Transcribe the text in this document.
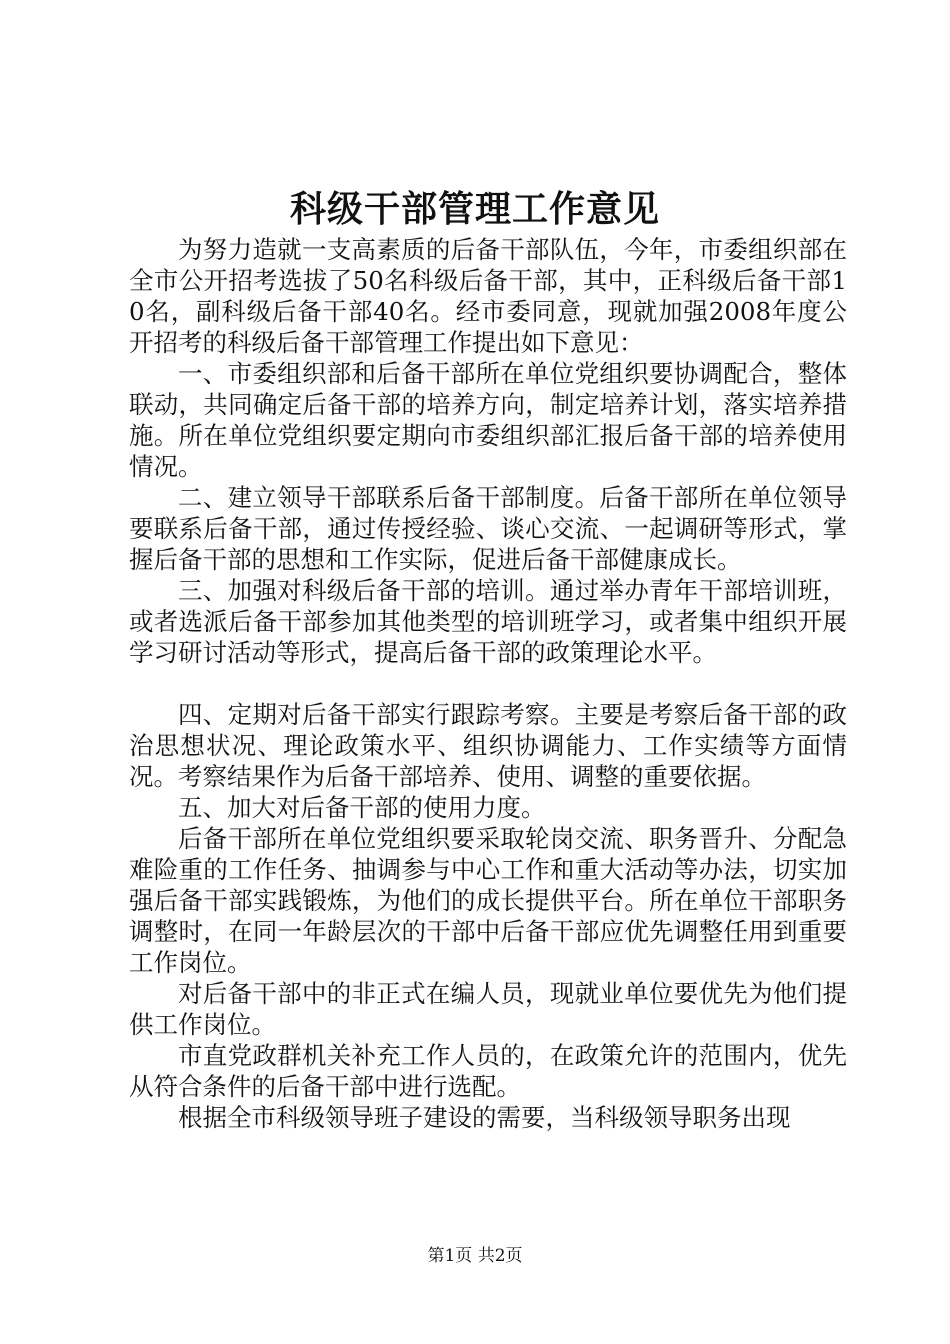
科级干部管理工作意见

为努力造就一支高素质的后备干部队伍，今年，市委组织部在全市公开招考选拔了50名科级后备干部，其中，正科级后备干部10名，副科级后备干部40名。经市委同意，现就加强2008年度公开招考的科级后备干部管理工作提出如下意见：

一、市委组织部和后备干部所在单位党组织要协调配合，整体联动，共同确定后备干部的培养方向，制定培养计划，落实培养措施。所在单位党组织要定期向市委组织部汇报后备干部的培养使用情况。

二、建立领导干部联系后备干部制度。后备干部所在单位领导要联系后备干部，通过传授经验、谈心交流、一起调研等形式，掌握后备干部的思想和工作实际，促进后备干部健康成长。

三、加强对科级后备干部的培训。通过举办青年干部培训班，或者选派后备干部参加其他类型的培训班学习，或者集中组织开展学习研讨活动等形式，提高后备干部的政策理论水平。

四、定期对后备干部实行跟踪考察。主要是考察后备干部的政治思想状况、理论政策水平、组织协调能力、工作实绩等方面情况。考察结果作为后备干部培养、使用、调整的重要依据。

五、加大对后备干部的使用力度。

后备干部所在单位党组织要采取轮岗交流、职务晋升、分配急难险重的工作任务、抽调参与中心工作和重大活动等办法，切实加强后备干部实践锻炼，为他们的成长提供平台。所在单位干部职务调整时，在同一年龄层次的干部中后备干部应优先调整任用到重要工作岗位。

对后备干部中的非正式在编人员，现就业单位要优先为他们提供工作岗位。

市直党政群机关补充工作人员的，在政策允许的范围内，优先从符合条件的后备干部中进行选配。

根据全市科级领导班子建设的需要，当科级领导职务出现

第1页 共2页
